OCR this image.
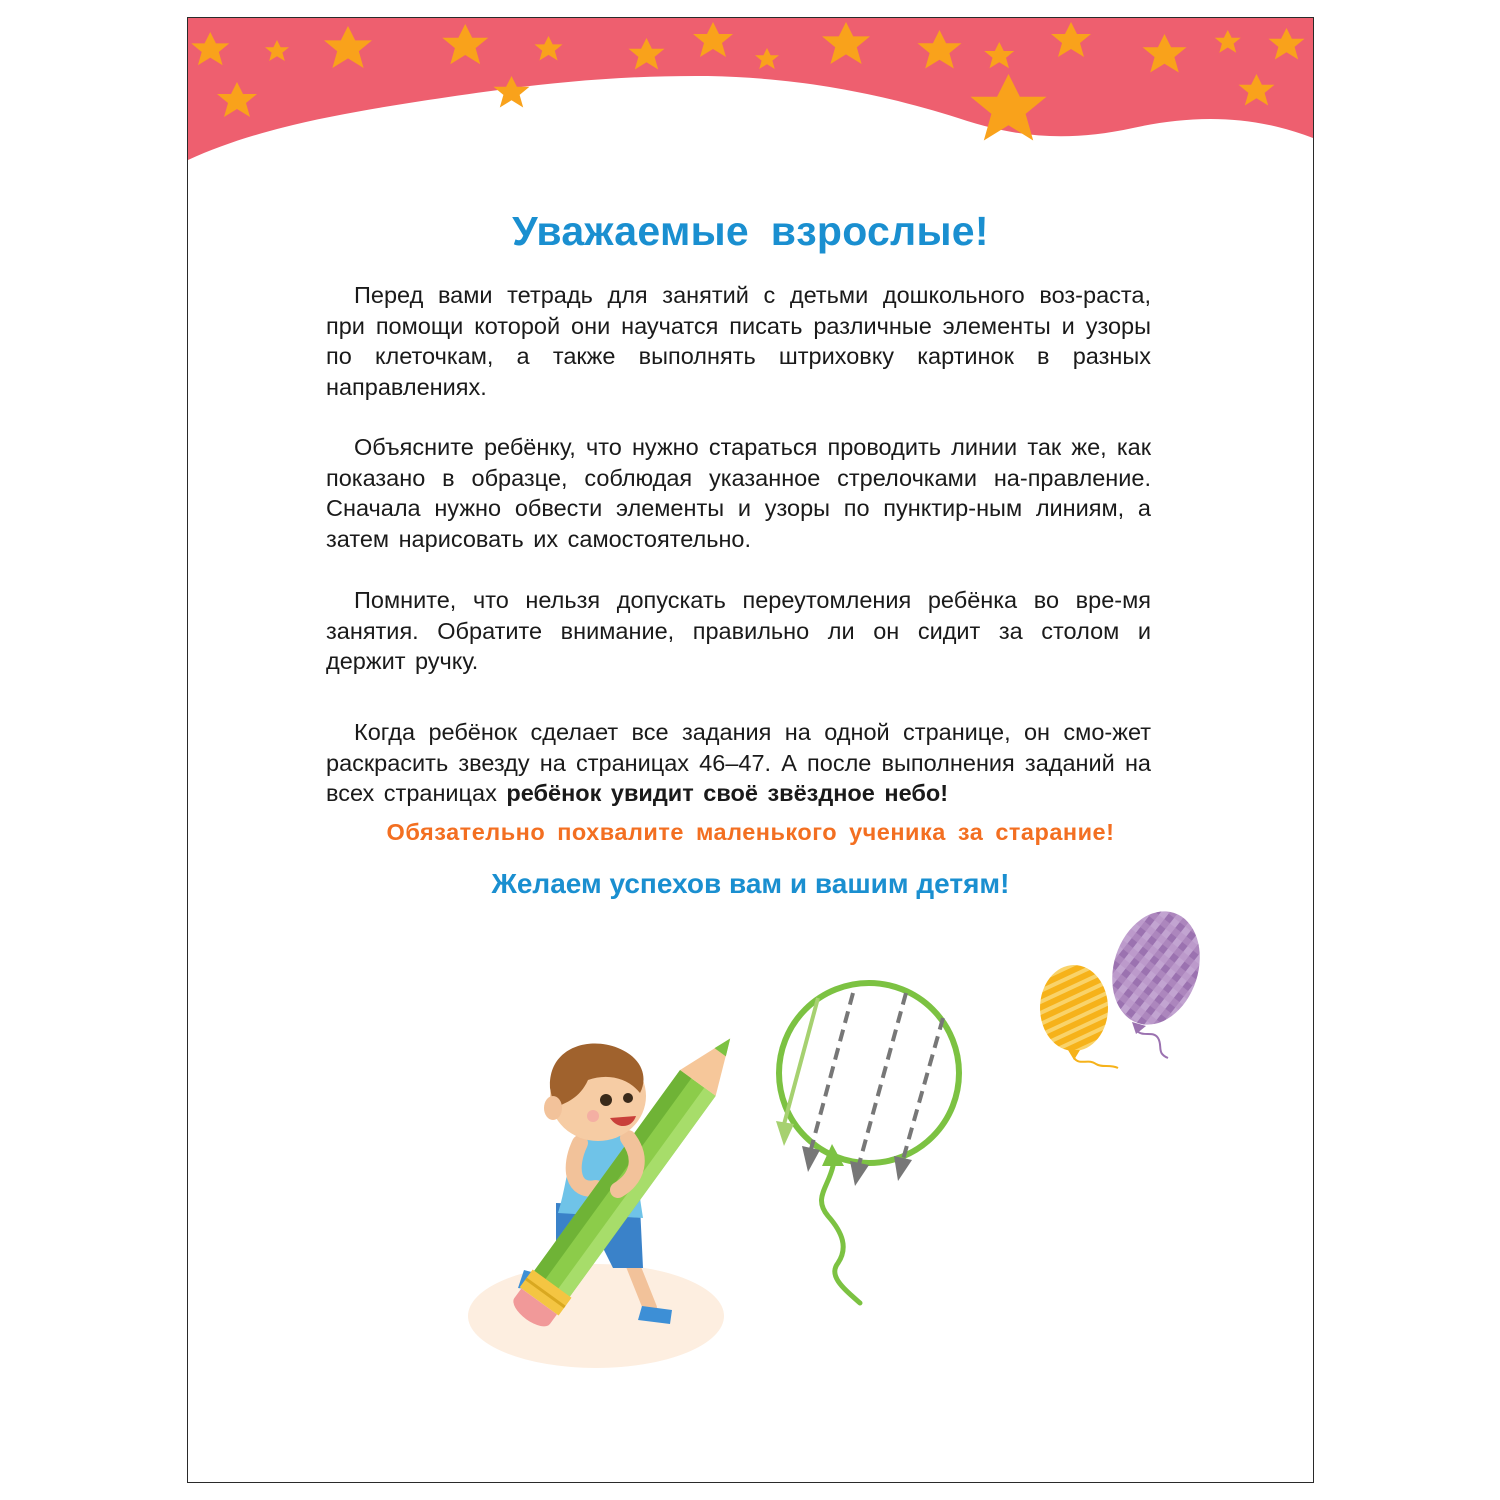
Уважаемые взрослые!

Перед вами тетрадь для занятий с детьми дошкольного воз-раста, при помощи которой они научатся писать различные элементы и узоры по клеточкам, а также выполнять штриховку картинок в разных направлениях.

Объясните ребёнку, что нужно стараться проводить линии так же, как показано в образце, соблюдая указанное стрелочками на-правление. Сначала нужно обвести элементы и узоры по пунктир-ным линиям, а затем нарисовать их самостоятельно.

Помните, что нельзя допускать переутомления ребёнка во вре-мя занятия. Обратите внимание, правильно ли он сидит за столом и держит ручку.

Когда ребёнок сделает все задания на одной странице, он смо-жет раскрасить звезду на страницах 46–47. А после выполнения заданий на всех страницах ребёнок увидит своё звёздное небо!

Обязательно похвалите маленького ученика за старание!
Желаем успехов вам и вашим детям!
